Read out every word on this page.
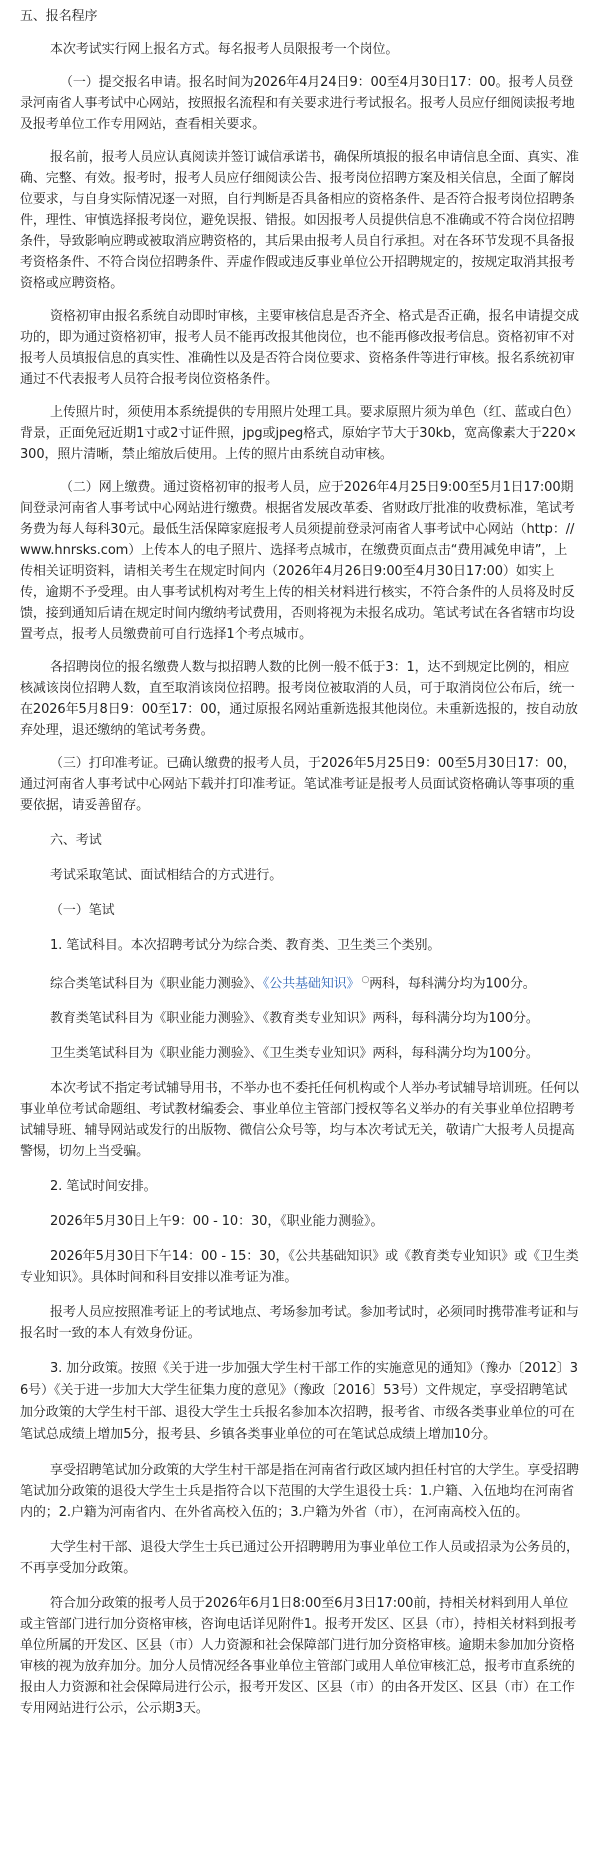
五、报名程序

本次考试实行网上报名方式。每名报考人员限报考一个岗位。

（一）提交报名申请。报名时间为2026年4月24日9：00至4月30日17：00。报考人员登录河南省人事考试中心网站，按照报名流程和有关要求进行考试报名。报考人员应仔细阅读报考地及报考单位工作专用网站，查看相关要求。

报名前，报考人员应认真阅读并签订诚信承诺书，确保所填报的报名申请信息全面、真实、准确、完整、有效。报考时，报考人员应仔细阅读公告、报考岗位招聘方案及相关信息，全面了解岗位要求，与自身实际情况逐一对照，自行判断是否具备相应的资格条件、是否符合报考岗位招聘条件，理性、审慎选择报考岗位，避免误报、错报。如因报考人员提供信息不准确或不符合岗位招聘条件，导致影响应聘或被取消应聘资格的，其后果由报考人员自行承担。对在各环节发现不具备报考资格条件、不符合岗位招聘条件、弄虚作假或违反事业单位公开招聘规定的，按规定取消其报考资格或应聘资格。

资格初审由报名系统自动即时审核，主要审核信息是否齐全、格式是否正确，报名申请提交成功的，即为通过资格初审，报考人员不能再改报其他岗位，也不能再修改报考信息。资格初审不对报考人员填报信息的真实性、准确性以及是否符合岗位要求、资格条件等进行审核。报名系统初审通过不代表报考人员符合报考岗位资格条件。

上传照片时，须使用本系统提供的专用照片处理工具。要求原照片须为单色（红、蓝或白色）背景，正面免冠近期1寸或2寸证件照，jpg或jpeg格式，原始字节大于30kb，宽高像素大于220×300，照片清晰，禁止缩放后使用。上传的照片由系统自动审核。

（二）网上缴费。通过资格初审的报考人员，应于2026年4月25日9:00至5月1日17:00期间登录河南省人事考试中心网站进行缴费。根据省发展改革委、省财政厅批准的收费标准，笔试考务费为每人每科30元。最低生活保障家庭报考人员须提前登录河南省人事考试中心网站（http：//www.hnrsks.com）上传本人的电子照片、选择考点城市，在缴费页面点击“费用减免申请”，上传相关证明资料，请相关考生在规定时间内（2026年4月26日9:00至4月30日17:00）如实上传，逾期不予受理。由人事考试机构对考生上传的相关材料进行核实，不符合条件的人员将及时反馈，接到通知后请在规定时间内缴纳考试费用，否则将视为未报名成功。笔试考试在各省辖市均设置考点，报考人员缴费前可自行选择1个考点城市。

各招聘岗位的报名缴费人数与拟招聘人数的比例一般不低于3：1，达不到规定比例的，相应核减该岗位招聘人数，直至取消该岗位招聘。报考岗位被取消的人员，可于取消岗位公布后，统一在2026年5月8日9：00至17：00，通过原报名网站重新选报其他岗位。未重新选报的，按自动放弃处理，退还缴纳的笔试考务费。

（三）打印准考证。已确认缴费的报考人员，于2026年5月25日9：00至5月30日17：00，通过河南省人事考试中心网站下载并打印准考证。笔试准考证是报考人员面试资格确认等事项的重要依据，请妥善留存。

六、考试

考试采取笔试、面试相结合的方式进行。

（一）笔试

1. 笔试科目。本次招聘考试分为综合类、教育类、卫生类三个类别。

综合类笔试科目为《职业能力测验》、《公共基础知识》 ○两科，每科满分均为100分。

教育类笔试科目为《职业能力测验》、《教育类专业知识》两科，每科满分均为100分。

卫生类笔试科目为《职业能力测验》、《卫生类专业知识》两科，每科满分均为100分。

本次考试不指定考试辅导用书，不举办也不委托任何机构或个人举办考试辅导培训班。任何以事业单位考试命题组、考试教材编委会、事业单位主管部门授权等名义举办的有关事业单位招聘考试辅导班、辅导网站或发行的出版物、微信公众号等，均与本次考试无关，敬请广大报考人员提高警惕，切勿上当受骗。

2. 笔试时间安排。

2026年5月30日上午9：00 - 10：30，《职业能力测验》。

2026年5月30日下午14：00 - 15：30，《公共基础知识》或《教育类专业知识》或《卫生类专业知识》。具体时间和科目安排以准考证为准。

报考人员应按照准考证上的考试地点、考场参加考试。参加考试时，必须同时携带准考证和与报名时一致的本人有效身份证。

3. 加分政策。按照《关于进一步加强大学生村干部工作的实施意见的通知》（豫办〔2012〕36号）《关于进一步加大大学生征集力度的意见》（豫政〔2016〕53号）文件规定，享受招聘笔试加分政策的大学生村干部、退役大学生士兵报名参加本次招聘，报考省、市级各类事业单位的可在笔试总成绩上增加5分，报考县、乡镇各类事业单位的可在笔试总成绩上增加10分。

享受招聘笔试加分政策的大学生村干部是指在河南省行政区域内担任村官的大学生。享受招聘笔试加分政策的退役大学生士兵是指符合以下范围的大学生退役士兵：1.户籍、入伍地均在河南省内的；2.户籍为河南省内、在外省高校入伍的；3.户籍为外省（市），在河南高校入伍的。

大学生村干部、退役大学生士兵已通过公开招聘聘用为事业单位工作人员或招录为公务员的，不再享受加分政策。

符合加分政策的报考人员于2026年6月1日8:00至6月3日17:00前，持相关材料到用人单位或主管部门进行加分资格审核，咨询电话详见附件1。报考开发区、区县（市），持相关材料到报考单位所属的开发区、区县（市）人力资源和社会保障部门进行加分资格审核。逾期未参加加分资格审核的视为放弃加分。加分人员情况经各事业单位主管部门或用人单位审核汇总，报考市直系统的报由人力资源和社会保障局进行公示，报考开发区、区县（市）的由各开发区、区县（市）在工作专用网站进行公示，公示期3天。
